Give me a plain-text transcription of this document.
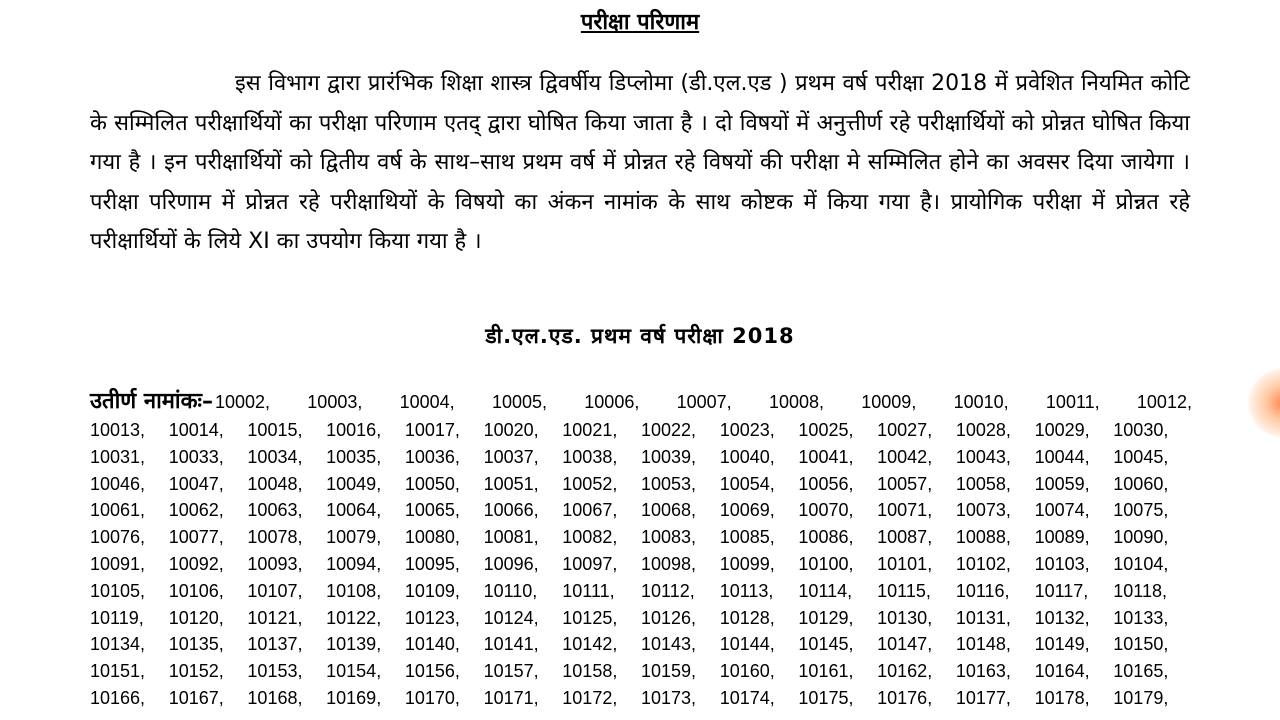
परीक्षा परिणाम

इस विभाग द्वारा प्रारंभिक शिक्षा शास्त्र द्विवर्षीय डिप्लोमा (डी.एल.एड ) प्रथम वर्ष परीक्षा 2018 में प्रवेशित नियमित कोटि के सम्मिलित परीक्षार्थियों का परीक्षा परिणाम एतद् द्वारा घोषित किया जाता है । दो विषयों में अनुत्तीर्ण रहे परीक्षार्थियों को प्रोन्नत घोषित किया गया है । इन परीक्षार्थियों को द्वितीय वर्ष के साथ–साथ प्रथम वर्ष में प्रोन्नत रहे विषयों की परीक्षा मे सम्मिलित होने का अवसर दिया जायेगा । परीक्षा परिणाम में प्रोन्नत रहे परीक्षाथियों के विषयो का अंकन नामांक के साथ कोष्टक में किया गया है। प्रायोगिक परीक्षा में प्रोन्नत रहे परीक्षार्थियों के लिये XI का उपयोग किया गया है ।

डी.एल.एड. प्रथम वर्ष परीक्षा 2018
उतीर्ण नामांकः– 10002, 10003, 10004, 10005, 10006, 10007, 10008, 10009, 10010, 10011, 10012,
10013,	10014,	10015,	10016,	10017,	10020,	10021,	10022,	10023,	10025,	10027,	10028,	10029,	10030,
10031,	10033,	10034,	10035,	10036,	10037,	10038,	10039,	10040,	10041,	10042,	10043,	10044,	10045,
10046,	10047,	10048,	10049,	10050,	10051,	10052,	10053,	10054,	10056,	10057,	10058,	10059,	10060,
10061,	10062,	10063,	10064,	10065,	10066,	10067,	10068,	10069,	10070,	10071,	10073,	10074,	10075,
10076,	10077,	10078,	10079,	10080,	10081,	10082,	10083,	10085,	10086,	10087,	10088,	10089,	10090,
10091,	10092,	10093,	10094,	10095,	10096,	10097,	10098,	10099,	10100,	10101,	10102,	10103,	10104,
10105,	10106,	10107,	10108,	10109,	10110,	10111,	10112,	10113,	10114,	10115,	10116,	10117,	10118,
10119,	10120,	10121,	10122,	10123,	10124,	10125,	10126,	10128,	10129,	10130,	10131,	10132,	10133,
10134,	10135,	10137,	10139,	10140,	10141,	10142,	10143,	10144,	10145,	10147,	10148,	10149,	10150,
10151,	10152,	10153,	10154,	10156,	10157,	10158,	10159,	10160,	10161,	10162,	10163,	10164,	10165,
10166,	10167,	10168,	10169,	10170,	10171,	10172,	10173,	10174,	10175,	10176,	10177,	10178,	10179,
